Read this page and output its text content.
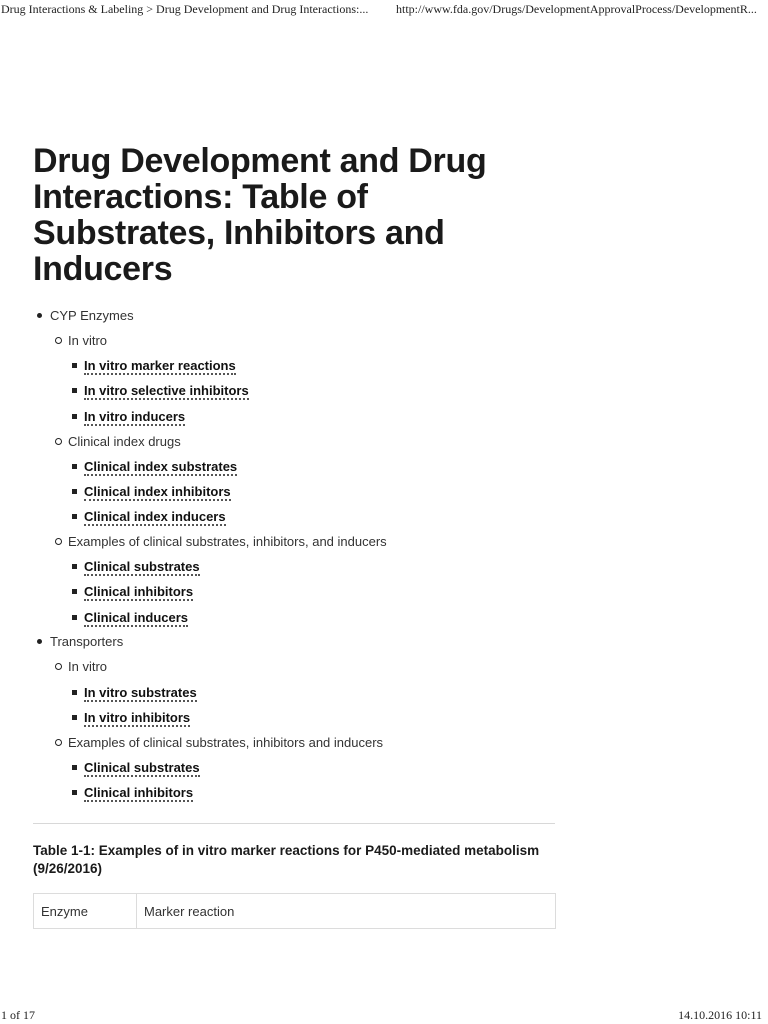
Drug Interactions & Labeling > Drug Development and Drug Interactions:... http://www.fda.gov/Drugs/DevelopmentApprovalProcess/DevelopmentR...
Drug Development and Drug Interactions: Table of Substrates, Inhibitors and Inducers
CYP Enzymes
In vitro
In vitro marker reactions
In vitro selective inhibitors
In vitro inducers
Clinical index drugs
Clinical index substrates
Clinical index inhibitors
Clinical index inducers
Examples of clinical substrates, inhibitors, and inducers
Clinical substrates
Clinical inhibitors
Clinical inducers
Transporters
In vitro
In vitro substrates
In vitro inhibitors
Examples of clinical substrates, inhibitors and inducers
Clinical substrates
Clinical inhibitors

Table 1-1: Examples of in vitro marker reactions for P450-mediated metabolism (9/26/2016)

Enzyme	Marker reaction
1 of 17	14.10.2016 10:11
